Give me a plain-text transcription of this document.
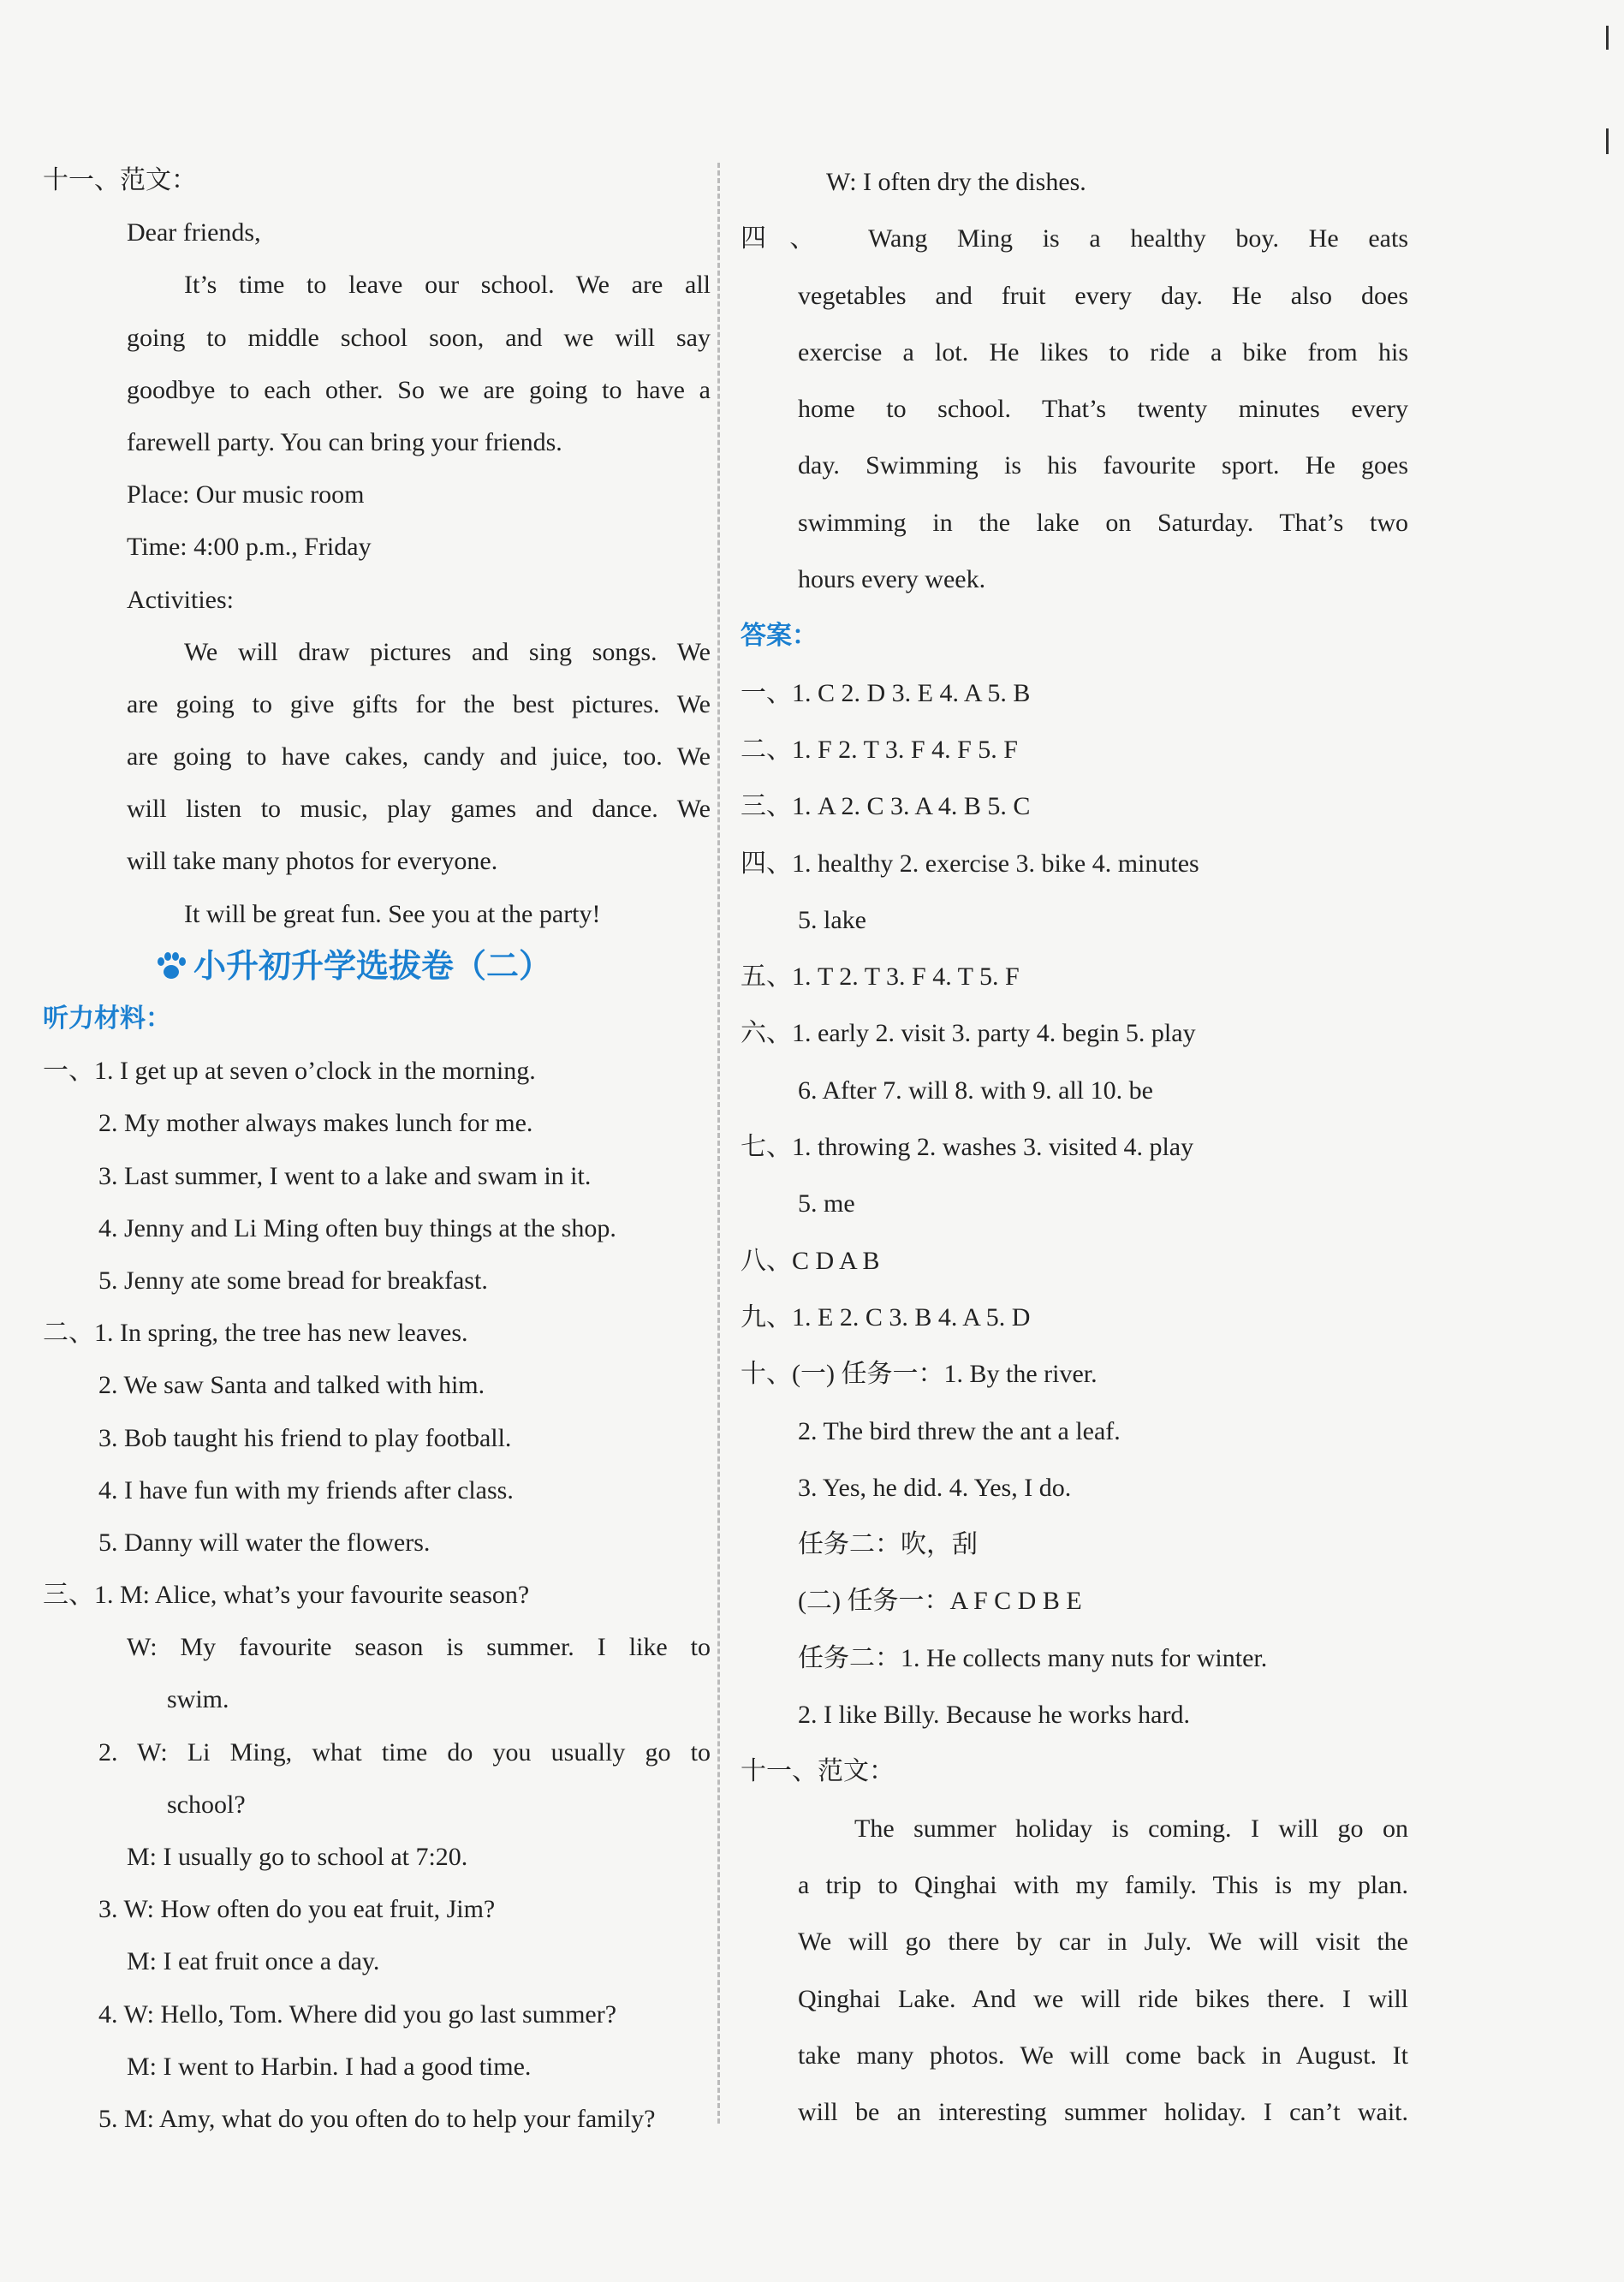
十一、范文：
Dear friends,
It’s time to leave our school. We are all
going to middle school soon, and we will say
goodbye to each other. So we are going to have a
farewell party. You can bring your friends.
Place: Our music room
Time: 4:00 p.m., Friday
Activities:
We will draw pictures and sing songs. We
are going to give gifts for the best pictures. We
are going to have cakes, candy and juice, too. We
will listen to music, play games and dance. We
will take many photos for everyone.
It will be great fun. See you at the party!
小升初升学选拔卷（二）
听力材料：
一、1. I get up at seven o’clock in the morning.
2. My mother always makes lunch for me.
3. Last summer, I went to a lake and swam in it.
4. Jenny and Li Ming often buy things at the shop.
5. Jenny ate some bread for breakfast.
二、1. In spring, the tree has new leaves.
2. We saw Santa and talked with him.
3. Bob taught his friend to play football.
4. I have fun with my friends after class.
5. Danny will water the flowers.
三、1. M: Alice, what’s your favourite season?
W: My favourite season is summer. I like to
swim.
2. W: Li Ming, what time do you usually go to
school?
M: I usually go to school at 7:20.
3. W: How often do you eat fruit, Jim?
M: I eat fruit once a day.
4. W: Hello, Tom. Where did you go last summer?
M: I went to Harbin. I had a good time.
5. M: Amy, what do you often do to help your family?
W: I often dry the dishes.
四、 Wang Ming is a healthy boy. He eats
vegetables and fruit every day. He also does
exercise a lot. He likes to ride a bike from his
home to school. That’s twenty minutes every
day. Swimming is his favourite sport. He goes
swimming in the lake on Saturday. That’s two
hours every week.
答案：
一、1. C 2. D 3. E 4. A 5. B
二、1. F 2. T 3. F 4. F 5. F
三、1. A 2. C 3. A 4. B 5. C
四、1. healthy 2. exercise 3. bike 4. minutes
5. lake
五、1. T 2. T 3. F 4. T 5. F
六、1. early 2. visit 3. party 4. begin 5. play
6. After 7. will 8. with 9. all 10. be
七、1. throwing 2. washes 3. visited 4. play
5. me
八、C D A B
九、1. E 2. C 3. B 4. A 5. D
十、(一) 任务一：1. By the river.
2. The bird threw the ant a leaf.
3. Yes, he did. 4. Yes, I do.
任务二：吹，刮
(二) 任务一：A F C D B E
任务二：1. He collects many nuts for winter.
2. I like Billy. Because he works hard.
十一、范文：
The summer holiday is coming. I will go on
a trip to Qinghai with my family. This is my plan.
We will go there by car in July. We will visit the
Qinghai Lake. And we will ride bikes there. I will
take many photos. We will come back in August. It
will be an interesting summer holiday. I can’t wait.
